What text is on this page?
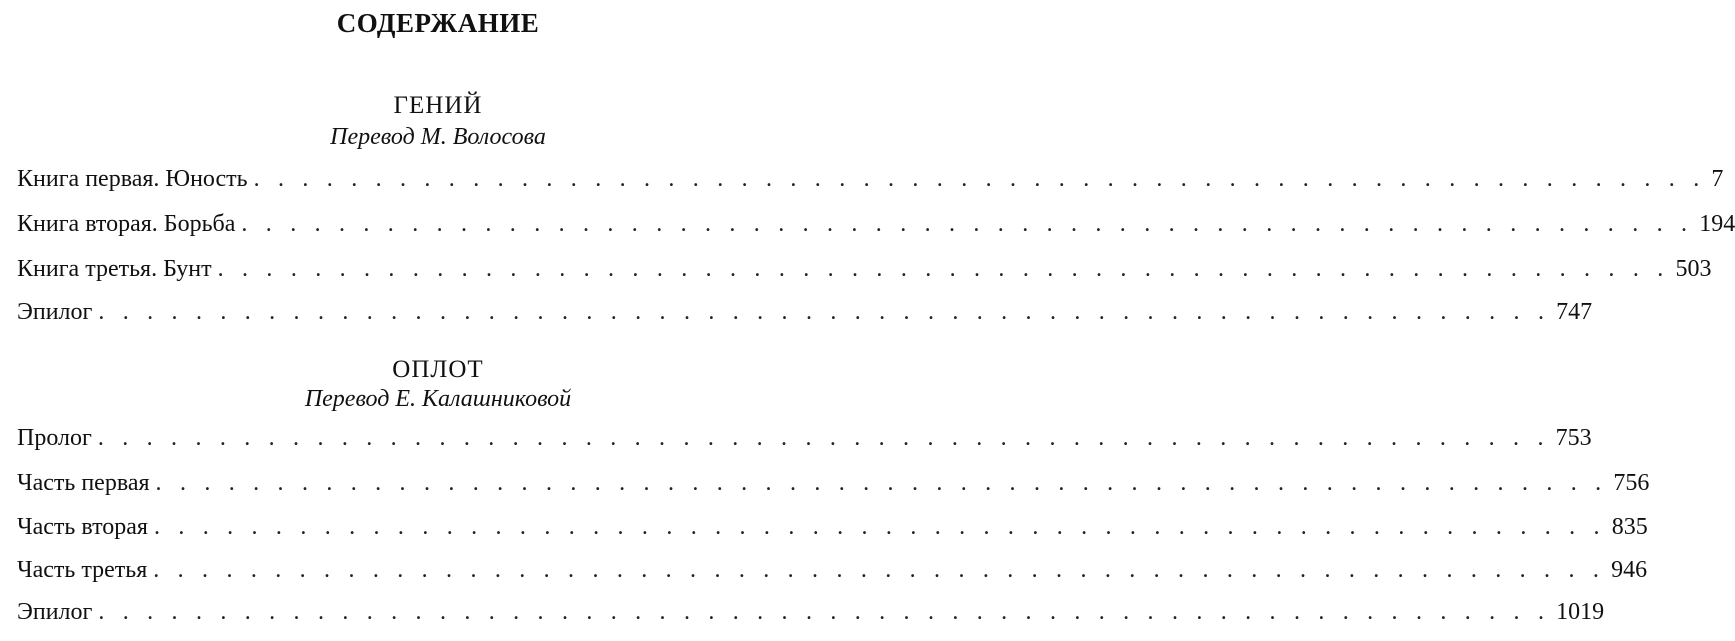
СОДЕРЖАНИЕ
ГЕНИЙ
Перевод М. Волосова
Книга первая. Юность . . . . . . . . . . . . . . . . . . . . . . . . . . . . . . . . . . . . . . . . . . . . . . . . . . . . . . . . . . . . 7
Книга вторая. Борьба . . . . . . . . . . . . . . . . . . . . . . . . . . . . . . . . . . . . . . . . . . . . . . . . . . . . . . . . . . . . 194
Книга третья. Бунт . . . . . . . . . . . . . . . . . . . . . . . . . . . . . . . . . . . . . . . . . . . . . . . . . . . . . . . . . . . . 503
Эпилог . . . . . . . . . . . . . . . . . . . . . . . . . . . . . . . . . . . . . . . . . . . . . . . . . . . . . . . . . . . . 747
ОПЛОТ
Перевод Е. Калашниковой
Пролог . . . . . . . . . . . . . . . . . . . . . . . . . . . . . . . . . . . . . . . . . . . . . . . . . . . . . . . . . . . . 753
Часть первая . . . . . . . . . . . . . . . . . . . . . . . . . . . . . . . . . . . . . . . . . . . . . . . . . . . . . . . . . . . . 756
Часть вторая . . . . . . . . . . . . . . . . . . . . . . . . . . . . . . . . . . . . . . . . . . . . . . . . . . . . . . . . . . . . 835
Часть третья . . . . . . . . . . . . . . . . . . . . . . . . . . . . . . . . . . . . . . . . . . . . . . . . . . . . . . . . . . . . 946
Эпилог . . . . . . . . . . . . . . . . . . . . . . . . . . . . . . . . . . . . . . . . . . . . . . . . . . . . . . . . . . . . 1019
